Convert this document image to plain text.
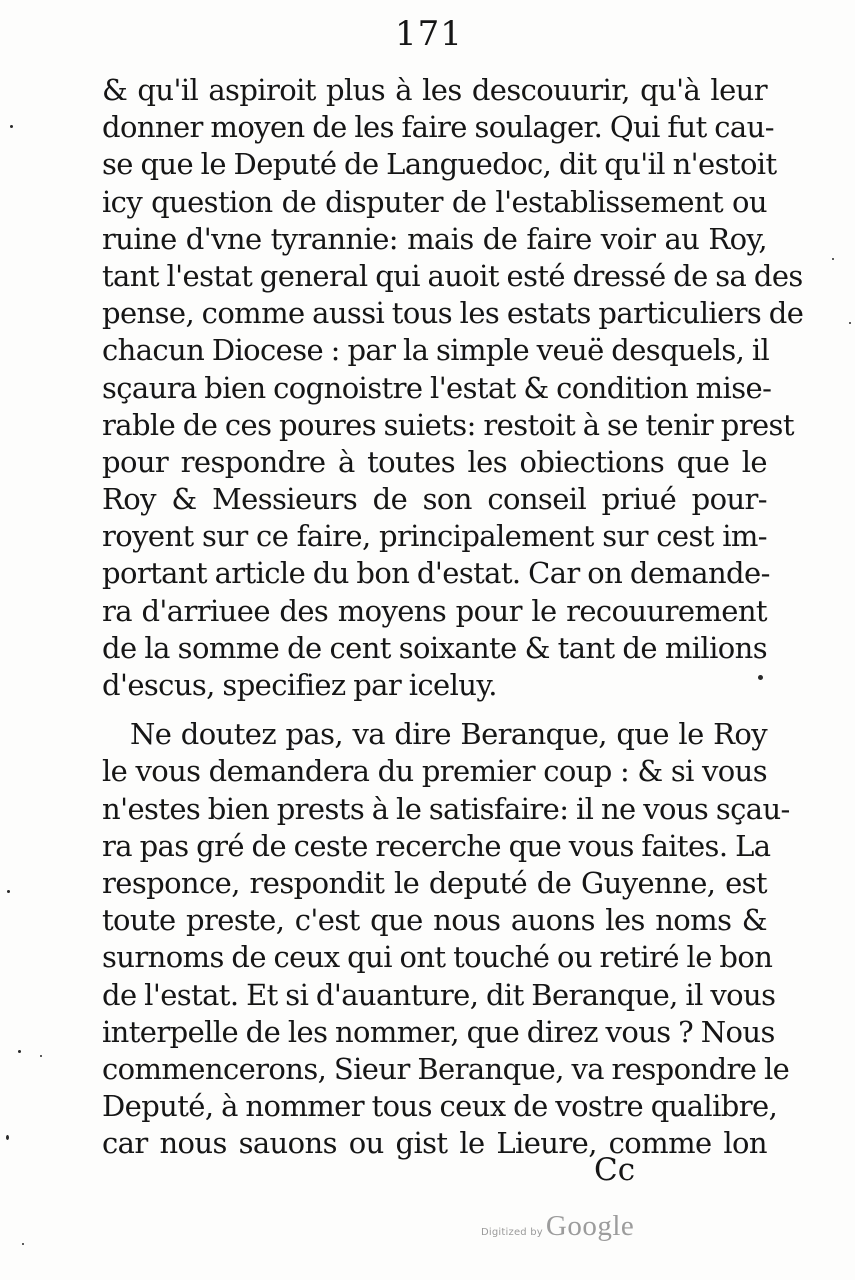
171
& qu'il aspiroit plus à les descouurir, qu'à leur
donner moyen de les faire soulager. Qui fut cau-
se que le Deputé de Languedoc, dit qu'il n'estoit
icy question de disputer de l'establissement ou
ruine d'vne tyrannie: mais de faire voir au Roy,
tant l'estat general qui auoit esté dressé de sa des
pense, comme aussi tous les estats particuliers de
chacun Diocese : par la simple veuë desquels, il
sçaura bien cognoistre l'estat & condition mise-
rable de ces poures suiets: restoit à se tenir prest
pour respondre à toutes les obiections que le
Roy & Messieurs de son conseil priué pour-
royent sur ce faire, principalement sur cest im-
portant article du bon d'estat. Car on demande-
ra d'arriuee des moyens pour le recouurement
de la somme de cent soixante & tant de milions
d'escus, specifiez par iceluy.
Ne doutez pas, va dire Beranque, que le Roy
le vous demandera du premier coup : & si vous
n'estes bien prests à le satisfaire: il ne vous sçau-
ra pas gré de ceste recerche que vous faites. La
responce, respondit le deputé de Guyenne, est
toute preste, c'est que nous auons les noms &
surnoms de ceux qui ont touché ou retiré le bon
de l'estat. Et si d'auanture, dit Beranque, il vous
interpelle de les nommer, que direz vous ? Nous
commencerons, Sieur Beranque, va respondre le
Deputé, à nommer tous ceux de vostre qualibre,
car nous sauons ou gist le Lieure, comme lon
Cc
Digitized by Google
